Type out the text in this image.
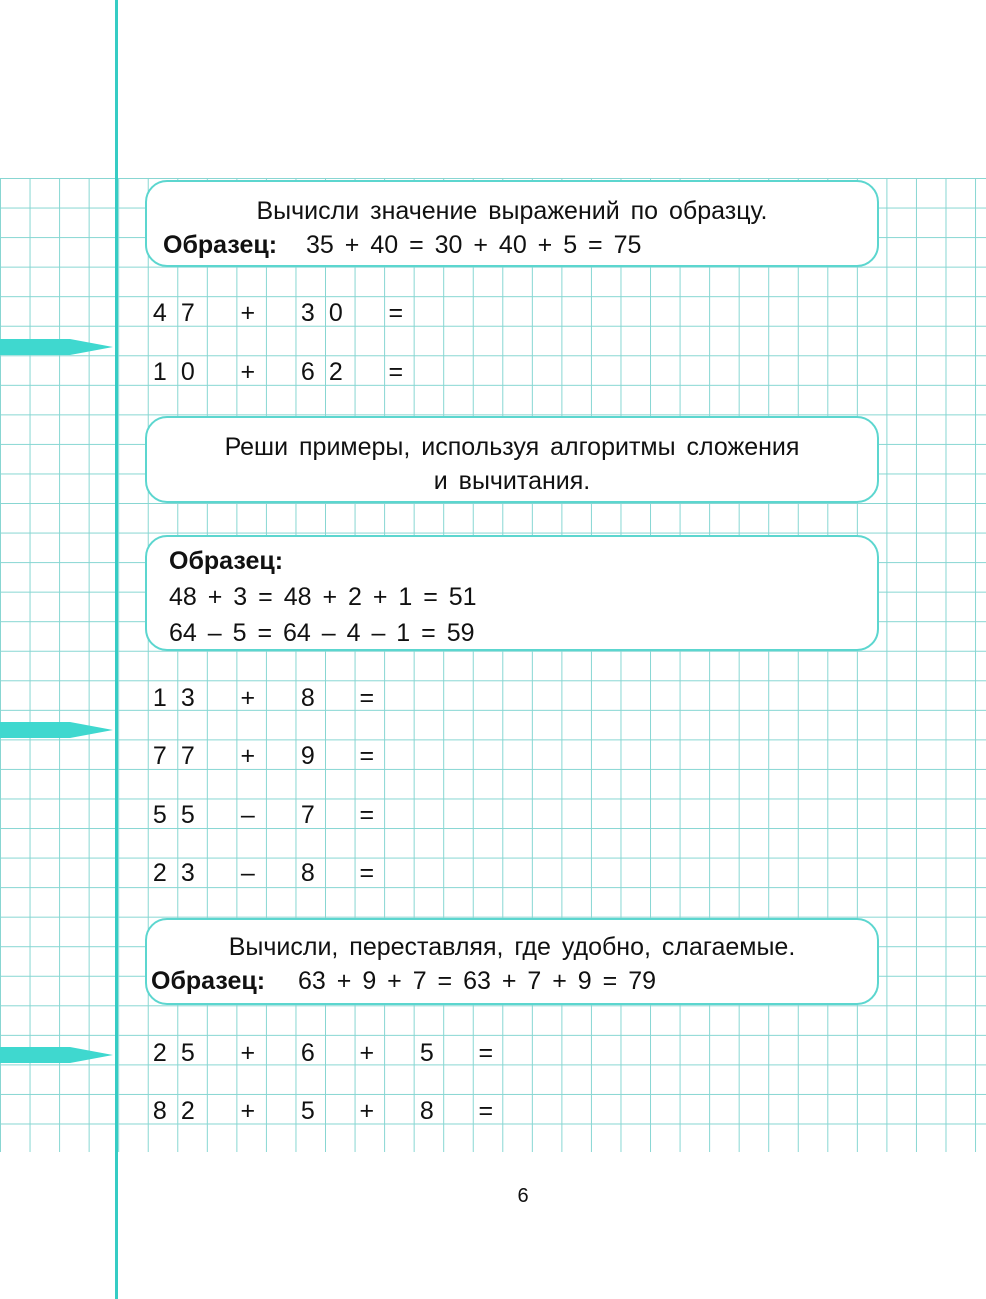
Вычисли значение выражений по образцу.
Образец: 35 + 40 = 30 + 40 + 5 = 75
4 7	+	3 0	=
1 0	+	6 2	=
Реши примеры, используя алгоритмы сложения
и вычитания.
Образец:
48 + 3 = 48 + 2 + 1 = 51
64 – 5 = 64 – 4 – 1 = 59
1 3	+	8	=
7 7	+	9	=
5 5	–	7	=
2 3	–	8	=
Вычисли, переставляя, где удобно, слагаемые.
Образец: 63 + 9 + 7 = 63 + 7 + 9 = 79
2 5	+	6	+	5	=
8 2	+	5	+	8	=
6
